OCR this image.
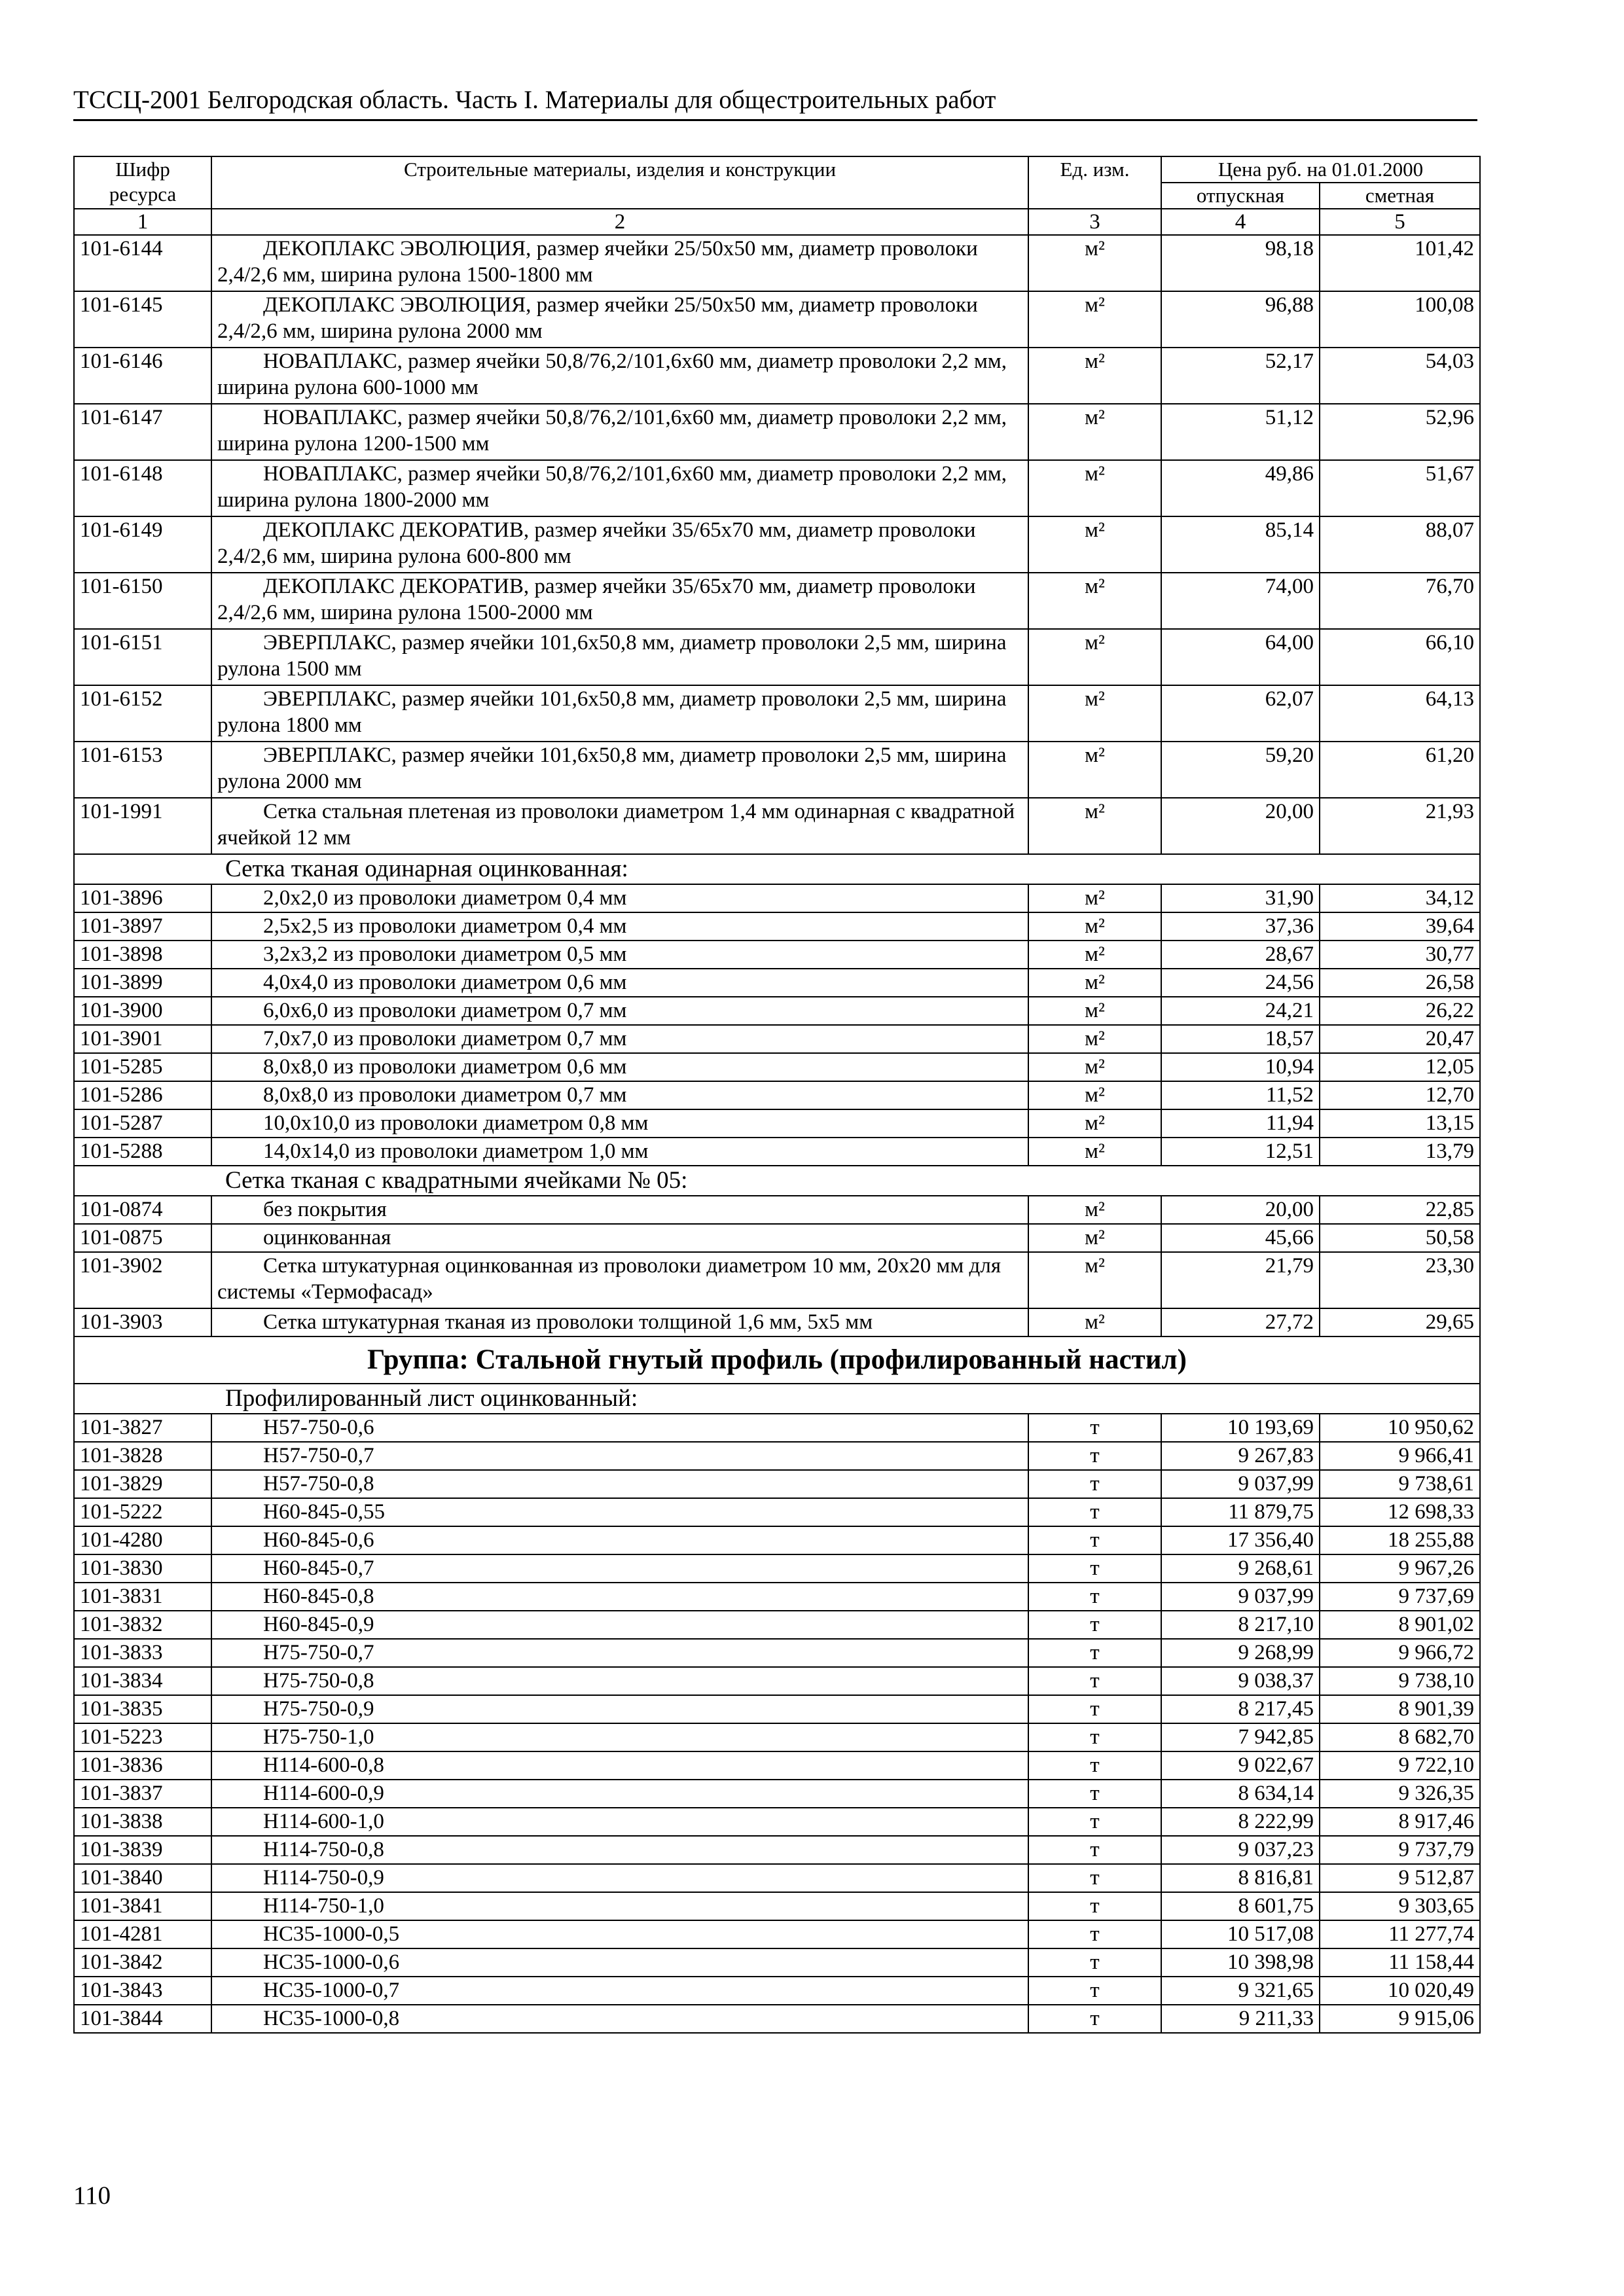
ТССЦ-2001 Белгородская область. Часть I. Материалы для общестроительных работ
Шифр ресурса	Строительные материалы, изделия и конструкции	Ед. изм.	Цена руб. на 01.01.2000	
			отпускная	сметная
1	2	3	4	5
101-6144	ДЕКОПЛАКС ЭВОЛЮЦИЯ, размер ячейки 25/50х50 мм, диаметр проволоки 2,4/2,6 мм, ширина рулона 1500-1800 мм	м²	98,18	101,42
101-6145	ДЕКОПЛАКС ЭВОЛЮЦИЯ, размер ячейки 25/50х50 мм, диаметр проволоки 2,4/2,6 мм, ширина рулона 2000 мм	м²	96,88	100,08
101-6146	НОВАПЛАКС, размер ячейки 50,8/76,2/101,6х60 мм, диаметр проволоки 2,2 мм, ширина рулона 600-1000 мм	м²	52,17	54,03
101-6147	НОВАПЛАКС, размер ячейки 50,8/76,2/101,6х60 мм, диаметр проволоки 2,2 мм, ширина рулона 1200-1500 мм	м²	51,12	52,96
101-6148	НОВАПЛАКС, размер ячейки 50,8/76,2/101,6х60 мм, диаметр проволоки 2,2 мм, ширина рулона 1800-2000 мм	м²	49,86	51,67
101-6149	ДЕКОПЛАКС ДЕКОРАТИВ, размер ячейки 35/65х70 мм, диаметр проволоки 2,4/2,6 мм, ширина рулона 600-800 мм	м²	85,14	88,07
101-6150	ДЕКОПЛАКС ДЕКОРАТИВ, размер ячейки 35/65х70 мм, диаметр проволоки 2,4/2,6 мм, ширина рулона 1500-2000 мм	м²	74,00	76,70
101-6151	ЭВЕРПЛАКС, размер ячейки 101,6х50,8 мм, диаметр проволоки 2,5 мм, ширина рулона 1500 мм	м²	64,00	66,10
101-6152	ЭВЕРПЛАКС, размер ячейки 101,6х50,8 мм, диаметр проволоки 2,5 мм, ширина рулона 1800 мм	м²	62,07	64,13
101-6153	ЭВЕРПЛАКС, размер ячейки 101,6х50,8 мм, диаметр проволоки 2,5 мм, ширина рулона 2000 мм	м²	59,20	61,20
101-1991	Сетка стальная плетеная из проволоки диаметром 1,4 мм одинарная с квадратной ячейкой 12 мм	м²	20,00	21,93
Сетка тканая одинарная оцинкованная:				
101-3896	2,0х2,0 из проволоки диаметром 0,4 мм	м²	31,90	34,12
101-3897	2,5х2,5 из проволоки диаметром 0,4 мм	м²	37,36	39,64
101-3898	3,2х3,2 из проволоки диаметром 0,5 мм	м²	28,67	30,77
101-3899	4,0х4,0 из проволоки диаметром 0,6 мм	м²	24,56	26,58
101-3900	6,0х6,0 из проволоки диаметром 0,7 мм	м²	24,21	26,22
101-3901	7,0х7,0 из проволоки диаметром 0,7 мм	м²	18,57	20,47
101-5285	8,0х8,0 из проволоки диаметром 0,6 мм	м²	10,94	12,05
101-5286	8,0х8,0 из проволоки диаметром 0,7 мм	м²	11,52	12,70
101-5287	10,0х10,0 из проволоки диаметром 0,8 мм	м²	11,94	13,15
101-5288	14,0х14,0 из проволоки диаметром 1,0 мм	м²	12,51	13,79
Сетка тканая с квадратными ячейками № 05:				
101-0874	без покрытия	м²	20,00	22,85
101-0875	оцинкованная	м²	45,66	50,58
101-3902	Сетка штукатурная оцинкованная из проволоки диаметром 10 мм, 20х20 мм для системы «Термофасад»	м²	21,79	23,30
101-3903	Сетка штукатурная тканая из проволоки толщиной 1,6 мм, 5х5 мм	м²	27,72	29,65
Группа: Стальной гнутый профиль (профилированный настил)				
Профилированный лист оцинкованный:				
101-3827	Н57-750-0,6	т	10 193,69	10 950,62
101-3828	Н57-750-0,7	т	9 267,83	9 966,41
101-3829	Н57-750-0,8	т	9 037,99	9 738,61
101-5222	Н60-845-0,55	т	11 879,75	12 698,33
101-4280	Н60-845-0,6	т	17 356,40	18 255,88
101-3830	Н60-845-0,7	т	9 268,61	9 967,26
101-3831	Н60-845-0,8	т	9 037,99	9 737,69
101-3832	Н60-845-0,9	т	8 217,10	8 901,02
101-3833	Н75-750-0,7	т	9 268,99	9 966,72
101-3834	Н75-750-0,8	т	9 038,37	9 738,10
101-3835	Н75-750-0,9	т	8 217,45	8 901,39
101-5223	Н75-750-1,0	т	7 942,85	8 682,70
101-3836	Н114-600-0,8	т	9 022,67	9 722,10
101-3837	Н114-600-0,9	т	8 634,14	9 326,35
101-3838	Н114-600-1,0	т	8 222,99	8 917,46
101-3839	Н114-750-0,8	т	9 037,23	9 737,79
101-3840	Н114-750-0,9	т	8 816,81	9 512,87
101-3841	Н114-750-1,0	т	8 601,75	9 303,65
101-4281	НС35-1000-0,5	т	10 517,08	11 277,74
101-3842	НС35-1000-0,6	т	10 398,98	11 158,44
101-3843	НС35-1000-0,7	т	9 321,65	10 020,49
101-3844	НС35-1000-0,8	т	9 211,33	9 915,06
110
